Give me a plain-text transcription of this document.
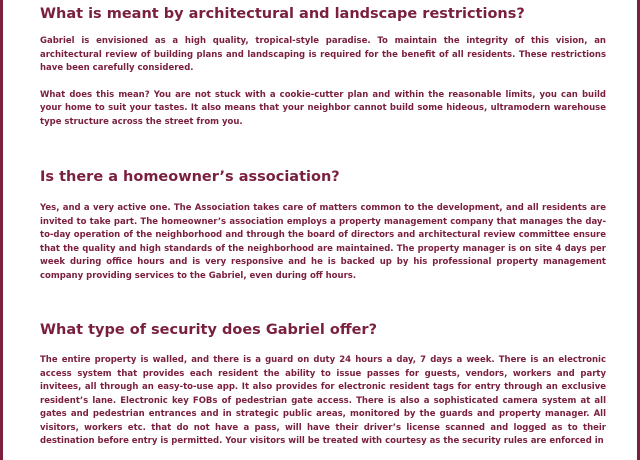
What is meant by architectural and landscape restrictions?

Gabriel is envisioned as a high quality, tropical-style paradise. To maintain the integrity of this vision, an architectural review of building plans and landscaping is required for the benefit of all residents. These restrictions have been carefully considered.

What does this mean? You are not stuck with a cookie-cutter plan and within the reasonable limits, you can build your home to suit your tastes. It also means that your neighbor cannot build some hideous, ultramodern warehouse type structure across the street from you.

Is there a homeowner’s association?

Yes, and a very active one. The Association takes care of matters common to the development, and all residents are invited to take part. The homeowner’s association employs a property management company that manages the day-to-day operation of the neighborhood and through the board of directors and architectural review committee ensure that the quality and high standards of the neighborhood are maintained. The property manager is on site 4 days per week during office hours and is very responsive and he is backed up by his professional property management company providing services to the Gabriel, even during off hours.

What type of security does Gabriel offer?

The entire property is walled, and there is a guard on duty 24 hours a day, 7 days a week. There is an electronic access system that provides each resident the ability to issue passes for guests, vendors, workers and party invitees, all through an easy-to-use app. It also provides for electronic resident tags for entry through an exclusive resident’s lane. Electronic key FOBs of pedestrian gate access. There is also a sophisticated camera system at all gates and pedestrian entrances and in strategic public areas, monitored by the guards and property manager. All visitors, workers etc. that do not have a pass, will have their driver’s license scanned and logged as to their destination before entry is permitted. Your visitors will be treated with courtesy as the security rules are enforced in
